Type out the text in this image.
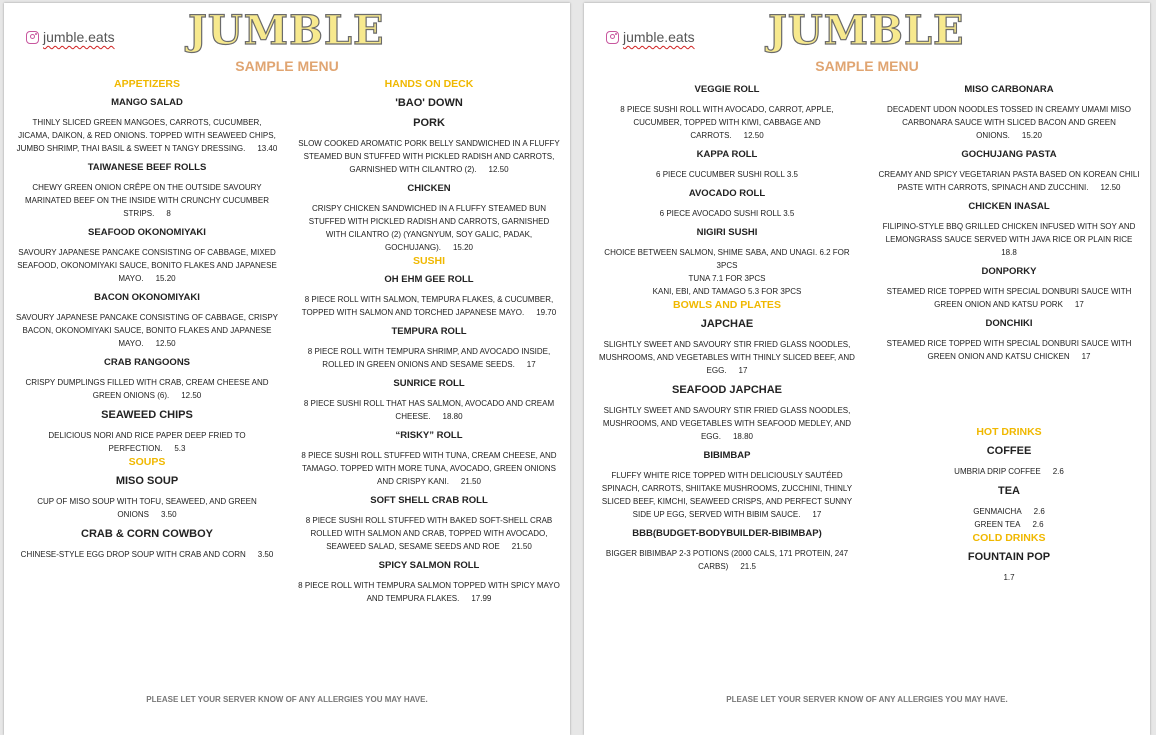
jumble.eats JUMBLE
SAMPLE MENU
APPETIZERS
MANGO SALAD

THINLY SLICED GREEN MANGOES, CARROTS, CUCUMBER, JICAMA, DAIKON, & RED ONIONS. TOPPED WITH SEAWEED CHIPS, JUMBO SHRIMP, THAI BASIL & SWEET N TANGY DRESSING. 13.40

TAIWANESE BEEF ROLLS

CHEWY GREEN ONION CRÊPE ON THE OUTSIDE SAVOURY MARINATED BEEF ON THE INSIDE WITH CRUNCHY CUCUMBER STRIPS. 8

SEAFOOD OKONOMIYAKI

SAVOURY JAPANESE PANCAKE CONSISTING OF CABBAGE, MIXED SEAFOOD, OKONOMIYAKI SAUCE, BONITO FLAKES AND JAPANESE MAYO. 15.20

BACON OKONOMIYAKI

SAVOURY JAPANESE PANCAKE CONSISTING OF CABBAGE, CRISPY BACON, OKONOMIYAKI SAUCE, BONITO FLAKES AND JAPANESE MAYO. 12.50

CRAB RANGOONS

CRISPY DUMPLINGS FILLED WITH CRAB, CREAM CHEESE AND GREEN ONIONS (6). 12.50

SEAWEED CHIPS

DELICIOUS NORI AND RICE PAPER DEEP FRIED TO PERFECTION. 5.3

SOUPS
MISO SOUP

CUP OF MISO SOUP WITH TOFU, SEAWEED, AND GREEN ONIONS 3.50

CRAB & CORN COWBOY

CHINESE-STYLE EGG DROP SOUP WITH CRAB AND CORN 3.50

HANDS ON DECK
'BAO' DOWN
PORK

SLOW COOKED AROMATIC PORK BELLY SANDWICHED IN A FLUFFY STEAMED BUN STUFFED WITH PICKLED RADISH AND CARROTS, GARNISHED WITH CILANTRO (2). 12.50

CHICKEN

CRISPY CHICKEN SANDWICHED IN A FLUFFY STEAMED BUN STUFFED WITH PICKLED RADISH AND CARROTS, GARNISHED WITH CILANTRO (2) (YANGNYUM, SOY GALIC, PADAK, GOCHUJANG). 15.20

SUSHI
OH EHM GEE ROLL

8 PIECE ROLL WITH SALMON, TEMPURA FLAKES, & CUCUMBER, TOPPED WITH SALMON AND TORCHED JAPANESE MAYO. 19.70

TEMPURA ROLL

8 PIECE ROLL WITH TEMPURA SHRIMP, AND AVOCADO INSIDE, ROLLED IN GREEN ONIONS AND SESAME SEEDS. 17

SUNRICE ROLL

8 PIECE SUSHI ROLL THAT HAS SALMON, AVOCADO AND CREAM CHEESE. 18.80

“RISKY” ROLL

8 PIECE SUSHI ROLL STUFFED WITH TUNA, CREAM CHEESE, AND TAMAGO. TOPPED WITH MORE TUNA, AVOCADO, GREEN ONIONS AND CRISPY KANI. 21.50

SOFT SHELL CRAB ROLL

8 PIECE SUSHI ROLL STUFFED WITH BAKED SOFT-SHELL CRAB ROLLED WITH SALMON AND CRAB, TOPPED WITH AVOCADO, SEAWEED SALAD, SESAME SEEDS AND ROE 21.50

SPICY SALMON ROLL

8 PIECE ROLL WITH TEMPURA SALMON TOPPED WITH SPICY MAYO AND TEMPURA FLAKES. 17.99

PLEASE LET YOUR SERVER KNOW OF ANY ALLERGIES YOU MAY HAVE.
jumble.eats JUMBLE
SAMPLE MENU
VEGGIE ROLL

8 PIECE SUSHI ROLL WITH AVOCADO, CARROT, APPLE, CUCUMBER, TOPPED WITH KIWI, CABBAGE AND CARROTS. 12.50

KAPPA ROLL

6 PIECE CUCUMBER SUSHI ROLL 3.5

AVOCADO ROLL

6 PIECE AVOCADO SUSHI ROLL 3.5

NIGIRI SUSHI

CHOICE BETWEEN SALMON, SHIME SABA, AND UNAGI. 6.2 FOR 3PCS

TUNA 7.1 FOR 3PCS

KANI, EBI, AND TAMAGO 5.3 FOR 3PCS

BOWLS AND PLATES
JAPCHAE

SLIGHTLY SWEET AND SAVOURY STIR FRIED GLASS NOODLES, MUSHROOMS, AND VEGETABLES WITH THINLY SLICED BEEF, AND EGG. 17

SEAFOOD JAPCHAE

SLIGHTLY SWEET AND SAVOURY STIR FRIED GLASS NOODLES, MUSHROOMS, AND VEGETABLES WITH SEAFOOD MEDLEY, AND EGG. 18.80

BIBIMBAP

FLUFFY WHITE RICE TOPPED WITH DELICIOUSLY SAUTÉED SPINACH, CARROTS, SHIITAKE MUSHROOMS, ZUCCHINI, THINLY SLICED BEEF, KIMCHI, SEAWEED CRISPS, AND PERFECT SUNNY SIDE UP EGG, SERVED WITH BIBIM SAUCE. 17

BBB(BUDGET-BODYBUILDER-BIBIMBAP)

BIGGER BIBIMBAP 2-3 POTIONS (2000 CALS, 171 PROTEIN, 247 CARBS) 21.5

MISO CARBONARA

DECADENT UDON NOODLES TOSSED IN CREAMY UMAMI MISO CARBONARA SAUCE WITH SLICED BACON AND GREEN ONIONS. 15.20

GOCHUJANG PASTA

CREAMY AND SPICY VEGETARIAN PASTA BASED ON KOREAN CHILI PASTE WITH CARROTS, SPINACH AND ZUCCHINI. 12.50

CHICKEN INASAL

FILIPINO-STYLE BBQ GRILLED CHICKEN INFUSED WITH SOY AND LEMONGRASS SAUCE SERVED WITH JAVA RICE OR PLAIN RICE 18.8

DONPORKY

STEAMED RICE TOPPED WITH SPECIAL DONBURI SAUCE WITH GREEN ONION AND KATSU PORK 17

DONCHIKI

STEAMED RICE TOPPED WITH SPECIAL DONBURI SAUCE WITH GREEN ONION AND KATSU CHICKEN 17

HOT DRINKS
COFFEE

UMBRIA DRIP COFFEE 2.6

TEA

GENMAICHA 2.6

GREEN TEA 2.6

COLD DRINKS
FOUNTAIN POP

1.7

PLEASE LET YOUR SERVER KNOW OF ANY ALLERGIES YOU MAY HAVE.
